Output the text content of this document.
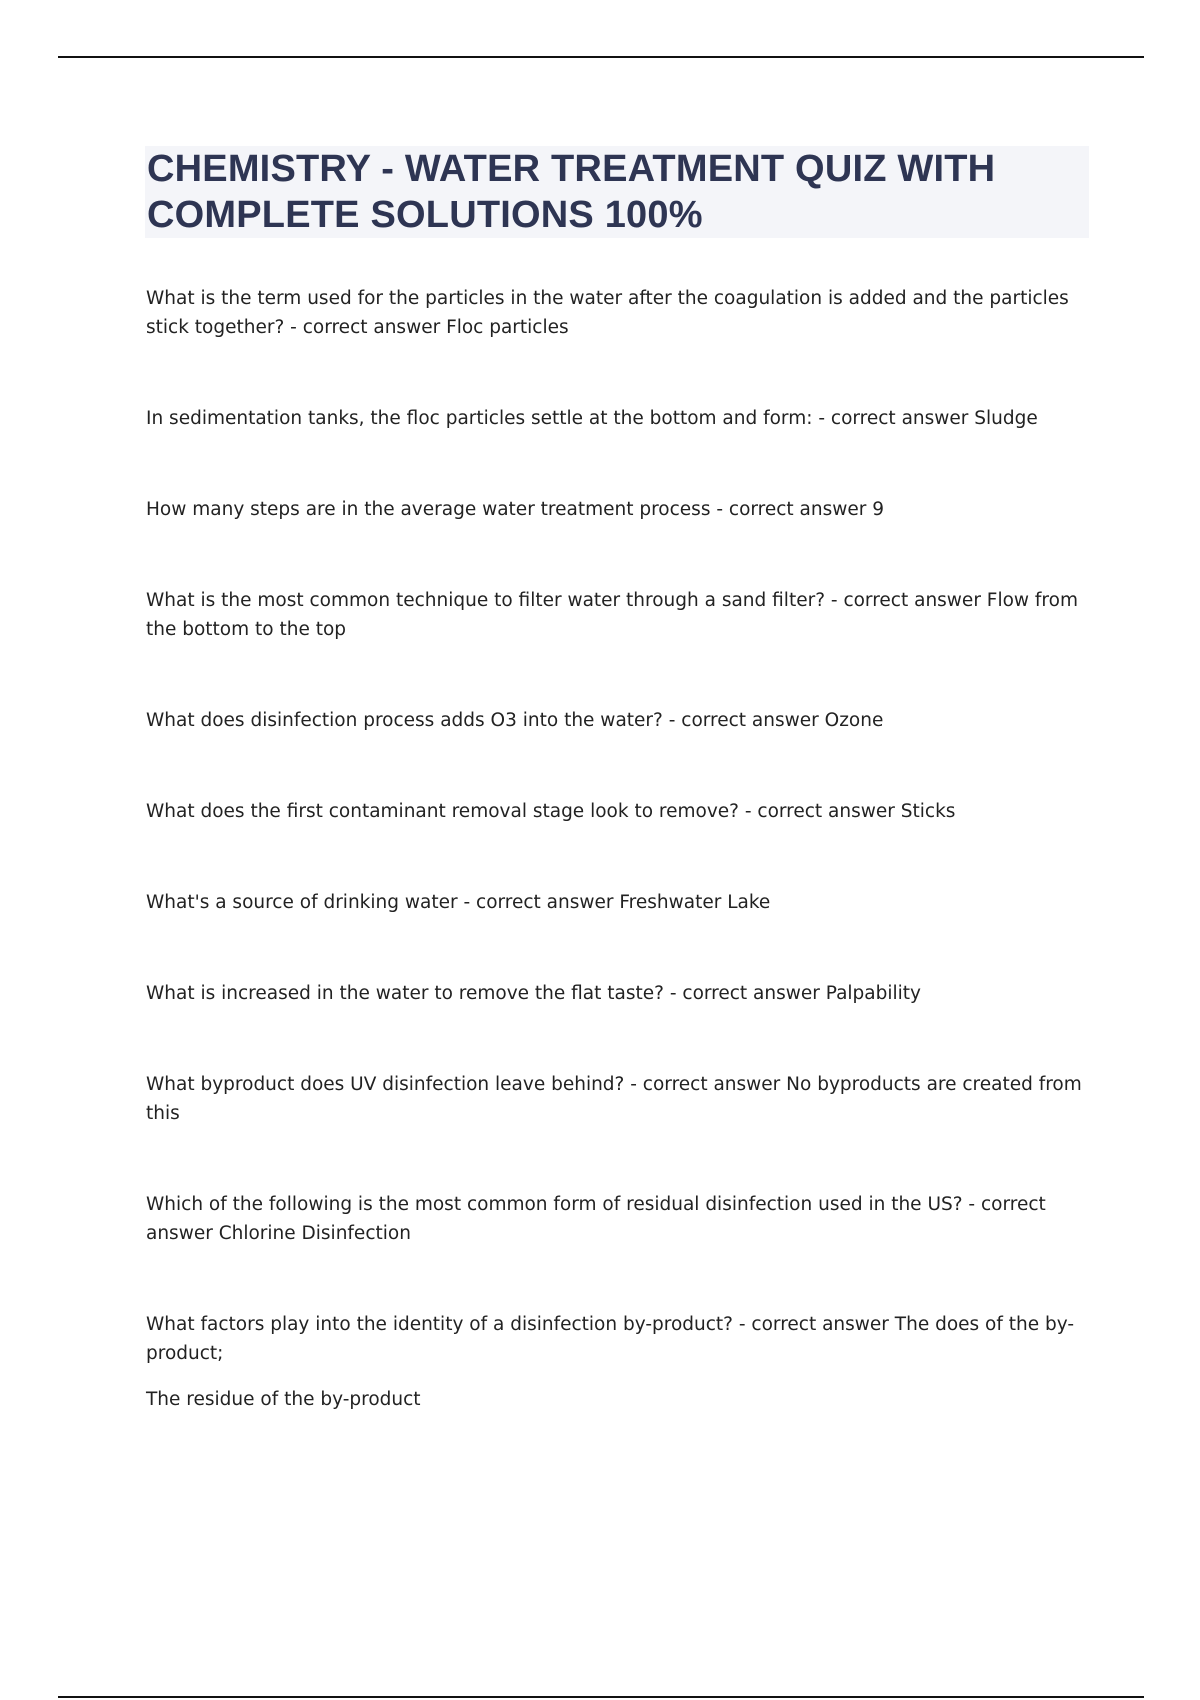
CHEMISTRY - WATER TREATMENT QUIZ WITH COMPLETE SOLUTIONS 100%

What is the term used for the particles in the water after the coagulation is added and the particles stick together? - correct answer Floc particles

In sedimentation tanks, the floc particles settle at the bottom and form: - correct answer Sludge

How many steps are in the average water treatment process - correct answer 9

What is the most common technique to filter water through a sand filter? - correct answer Flow from the bottom to the top

What does disinfection process adds O3 into the water? - correct answer Ozone

What does the first contaminant removal stage look to remove? - correct answer Sticks

What's a source of drinking water - correct answer Freshwater Lake

What is increased in the water to remove the flat taste? - correct answer Palpability

What byproduct does UV disinfection leave behind? - correct answer No byproducts are created from this

Which of the following is the most common form of residual disinfection used in the US? - correct answer Chlorine Disinfection

What factors play into the identity of a disinfection by-product? - correct answer The does of the by-product;

The residue of the by-product
